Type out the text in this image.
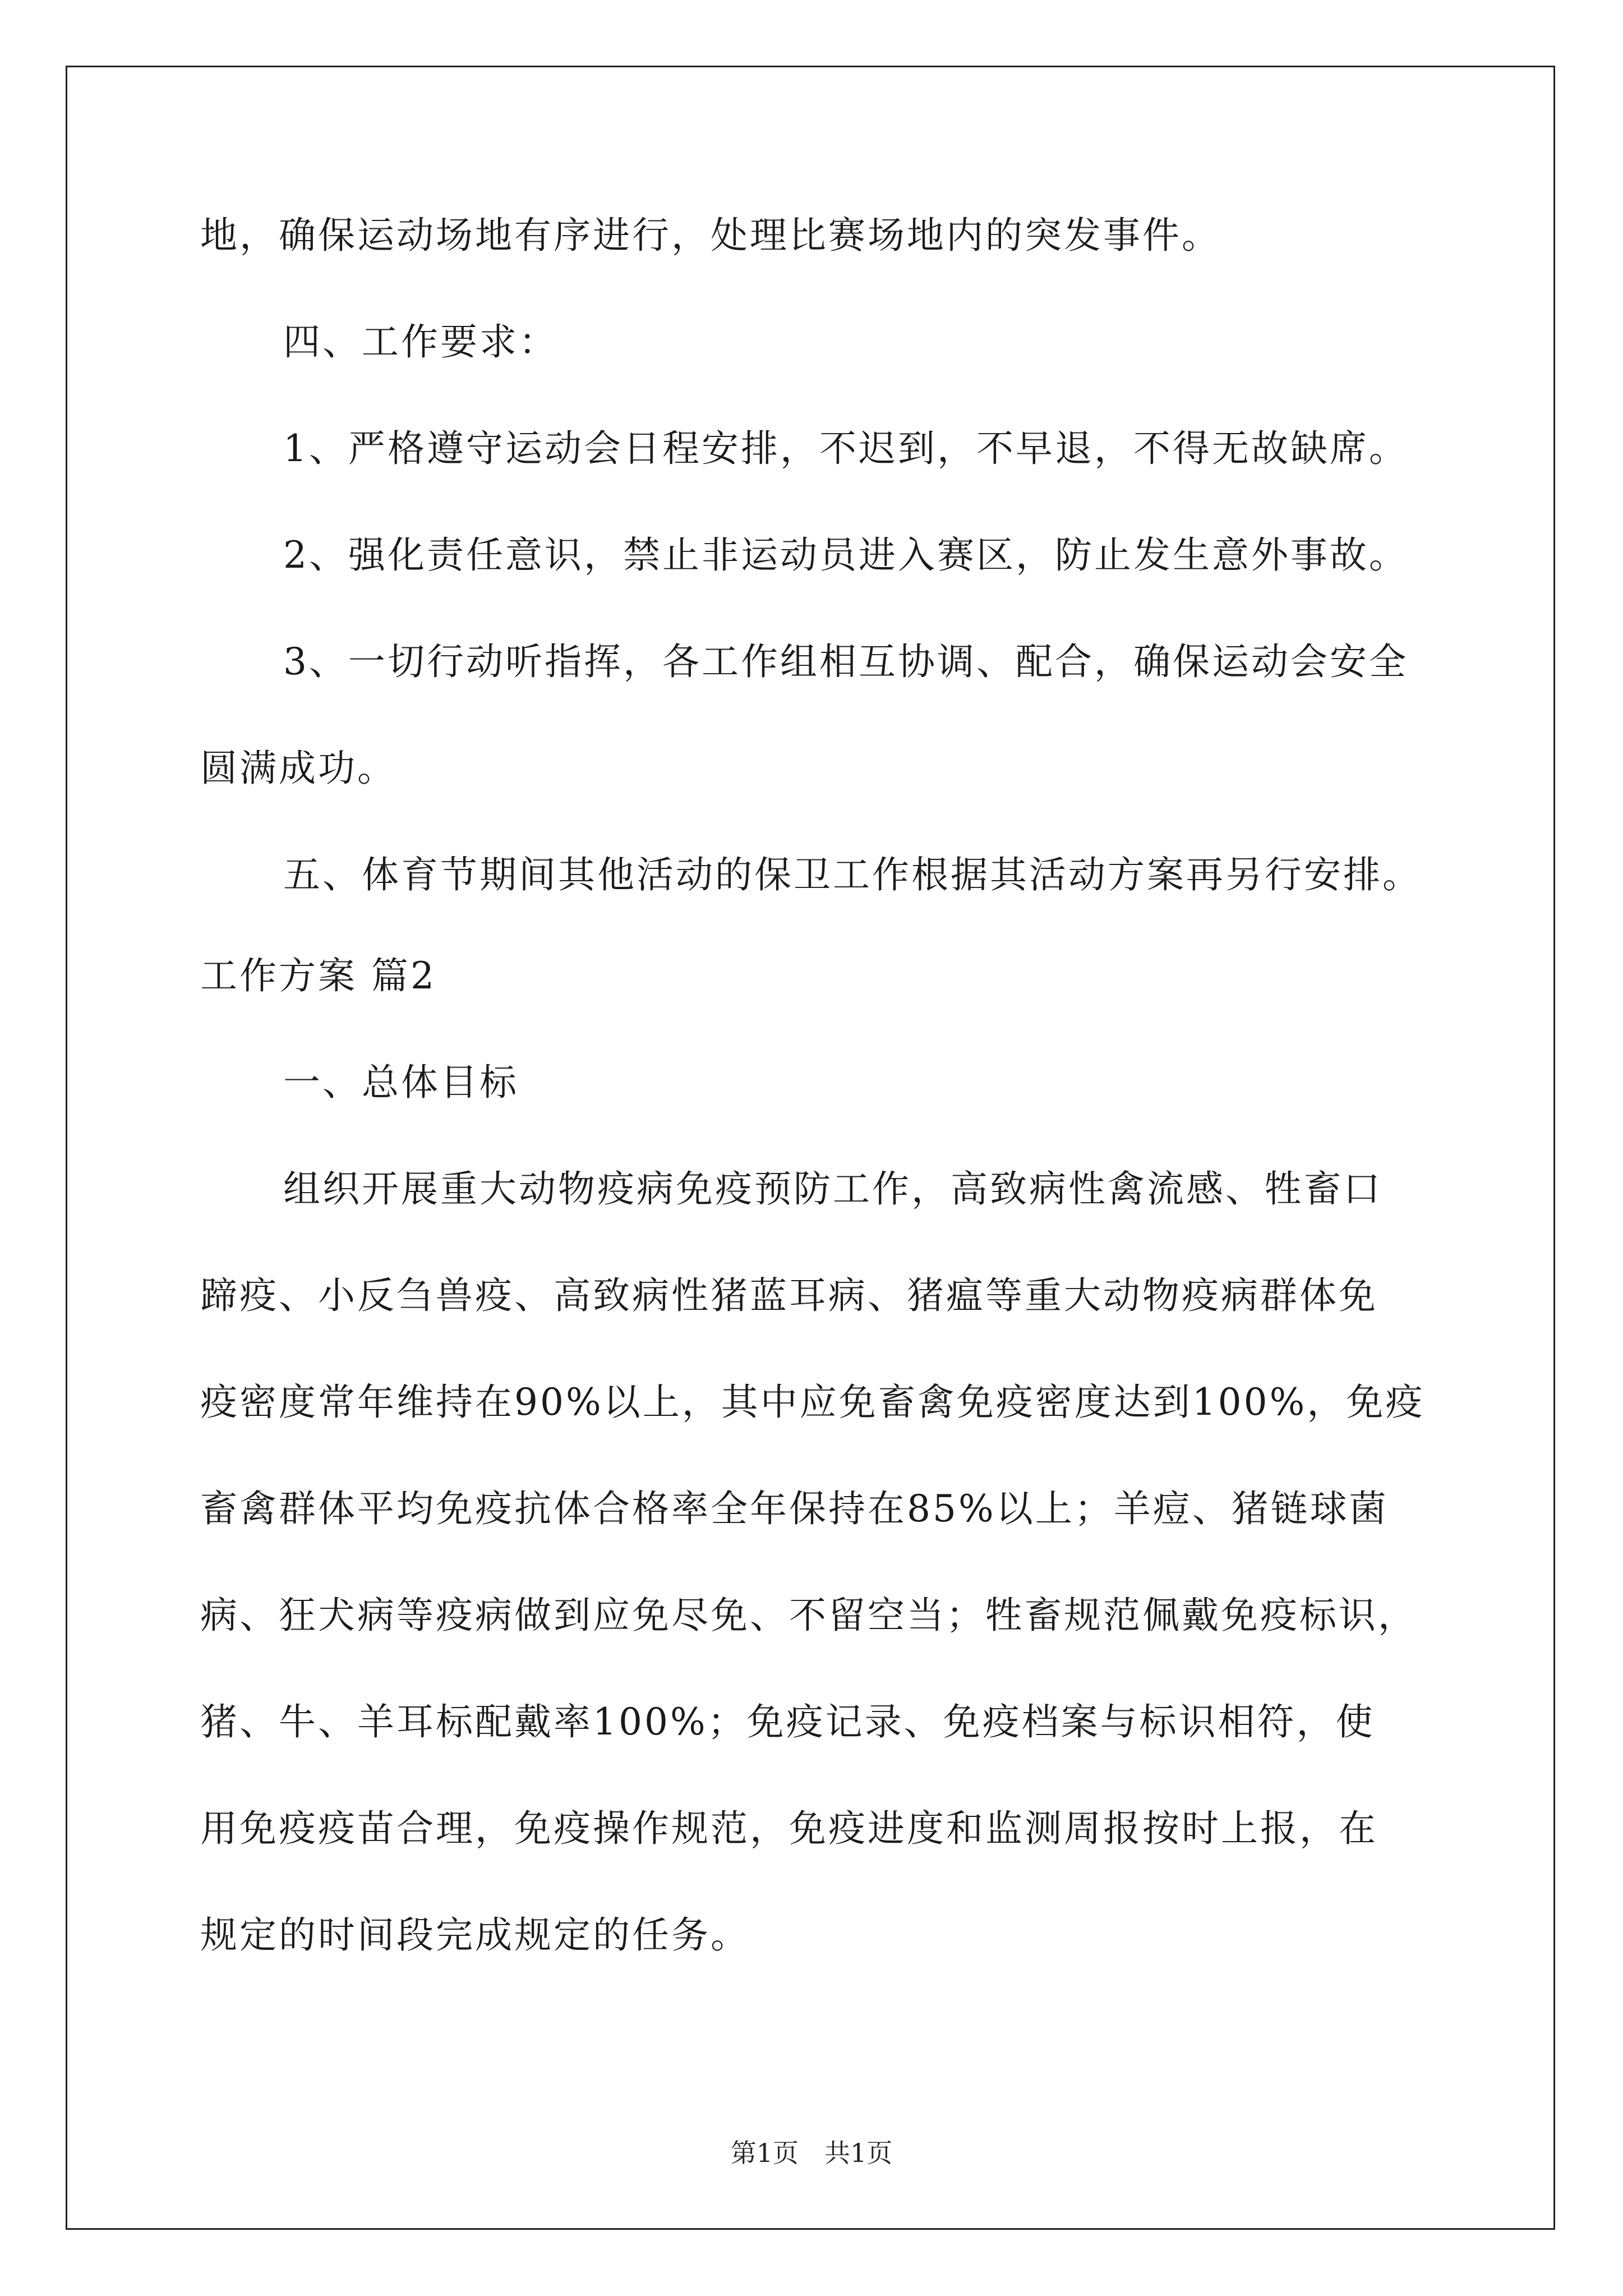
地，确保运动场地有序进行，处理比赛场地内的突发事件。
四、工作要求：
1、严格遵守运动会日程安排，不迟到，不早退，不得无故缺席。
2、强化责任意识，禁止非运动员进入赛区，防止发生意外事故。
3、一切行动听指挥，各工作组相互协调、配合，确保运动会安全
圆满成功。
五、体育节期间其他活动的保卫工作根据其活动方案再另行安排。
工作方案 篇2
一、总体目标
组织开展重大动物疫病免疫预防工作，高致病性禽流感、牲畜口
蹄疫、小反刍兽疫、高致病性猪蓝耳病、猪瘟等重大动物疫病群体免
疫密度常年维持在90%以上，其中应免畜禽免疫密度达到100%，免疫
畜禽群体平均免疫抗体合格率全年保持在85%以上；羊痘、猪链球菌
病、狂犬病等疫病做到应免尽免、不留空当；牲畜规范佩戴免疫标识，
猪、牛、羊耳标配戴率100%；免疫记录、免疫档案与标识相符，使
用免疫疫苗合理，免疫操作规范，免疫进度和监测周报按时上报，在
规定的时间段完成规定的任务。
第1页　共1页
